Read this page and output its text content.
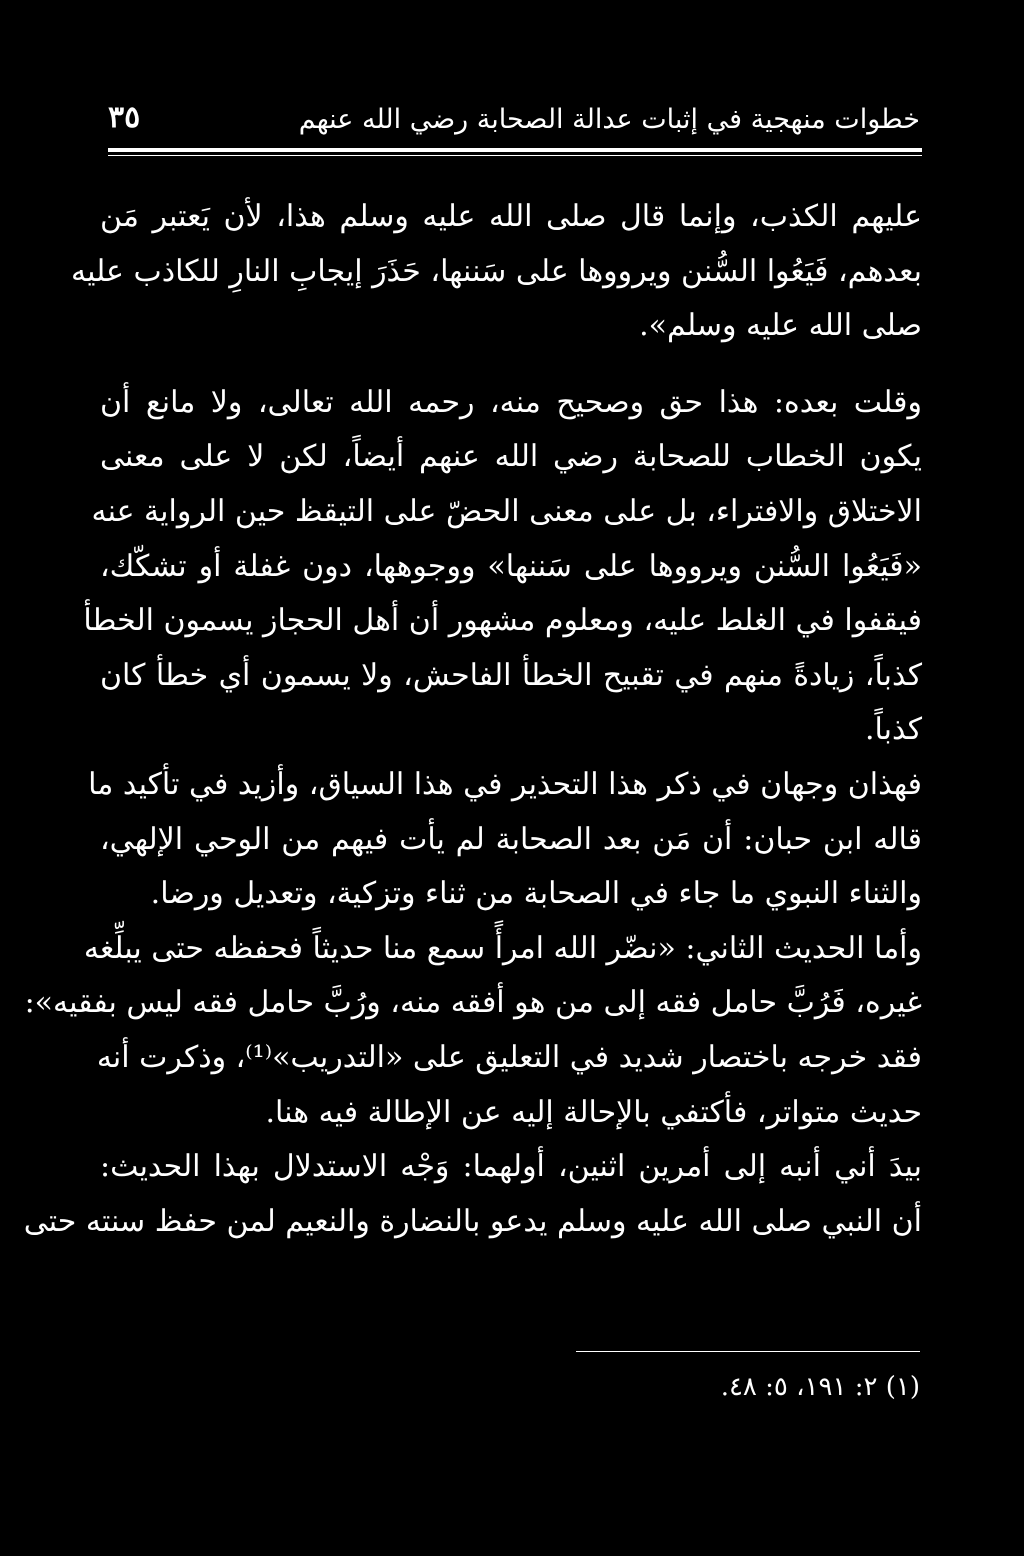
خطوات منهجية في إثبات عدالة الصحابة رضي الله عنهم
٣٥
عليهم الكذب، وإنما قال صلى الله عليه وسلم هذا، لأن يَعتبر مَن
بعدهم، فَيَعُوا السُّنن ويرووها على سَننها، حَذَرَ إيجابِ النارِ للكاذب عليه
صلى الله عليه وسلم».
وقلت بعده: هذا حق وصحيح منه، رحمه الله تعالى، ولا مانع أن
يكون الخطاب للصحابة رضي الله عنهم أيضاً، لكن لا على معنى
الاختلاق والافتراء، بل على معنى الحضّ على التيقظ حين الرواية عنه
«فَيَعُوا السُّنن ويرووها على سَننها» ووجوهها، دون غفلة أو تشكّك،
فيقفوا في الغلط عليه، ومعلوم مشهور أن أهل الحجاز يسمون الخطأ
كذباً، زيادةً منهم في تقبيح الخطأ الفاحش، ولا يسمون أي خطأ كان
كذباً.
فهذان وجهان في ذكر هذا التحذير في هذا السياق، وأزيد في تأكيد ما
قاله ابن حبان: أن مَن بعد الصحابة لم يأت فيهم من الوحي الإلهي،
والثناء النبوي ما جاء في الصحابة من ثناء وتزكية، وتعديل ورضا.
وأما الحديث الثاني: «نضّر الله امرأً سمع منا حديثاً فحفظه حتى يبلِّغه
غيره، فَرُبَّ حامل فقه إلى من هو أفقه منه، ورُبَّ حامل فقه ليس بفقيه»:
فقد خرجه باختصار شديد في التعليق على «التدريب»⁽¹⁾، وذكرت أنه
حديث متواتر، فأكتفي بالإحالة إليه عن الإطالة فيه هنا.
بيدَ أني أنبه إلى أمرين اثنين، أولهما: وَجْه الاستدلال بهذا الحديث:
أن النبي صلى الله عليه وسلم يدعو بالنضارة والنعيم لمن حفظ سنته حتى
(١) ٢: ١٩١، ٥: ٤٨.
